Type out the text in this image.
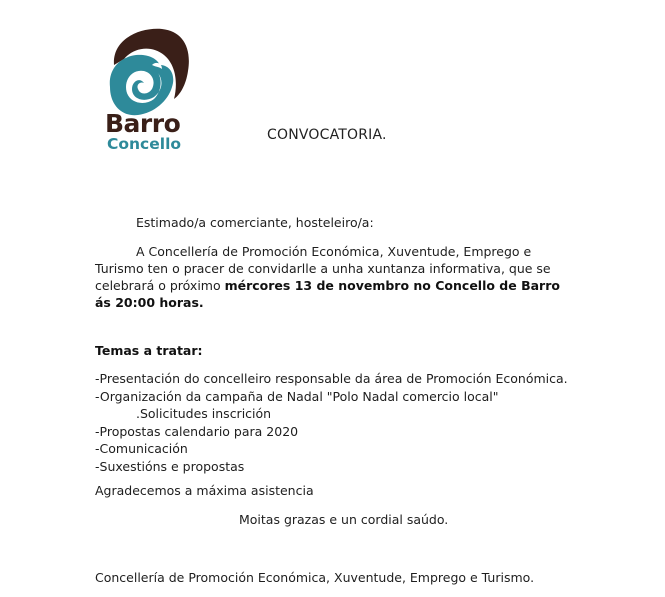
Barro
Concello	CONVOCATORIA.
Estimado/a comerciante, hosteleiro/a:
A Concellería de Promoción Económica, Xuventude, Emprego e
Turismo ten o pracer de convidarlle a unha xuntanza informativa, que se
celebrará o próximo mércores 13 de novembro no Concello de Barro
ás 20:00 horas.
Temas a tratar:
-Presentación do concelleiro responsable da área de Promoción Económica.
-Organización da campaña de Nadal "Polo Nadal comercio local"
.Solicitudes inscrición
-Propostas calendario para 2020
-Comunicación
-Suxestións e propostas
Agradecemos a máxima asistencia
Moitas grazas e un cordial saúdo.
Concellería de Promoción Económica, Xuventude, Emprego e Turismo.
